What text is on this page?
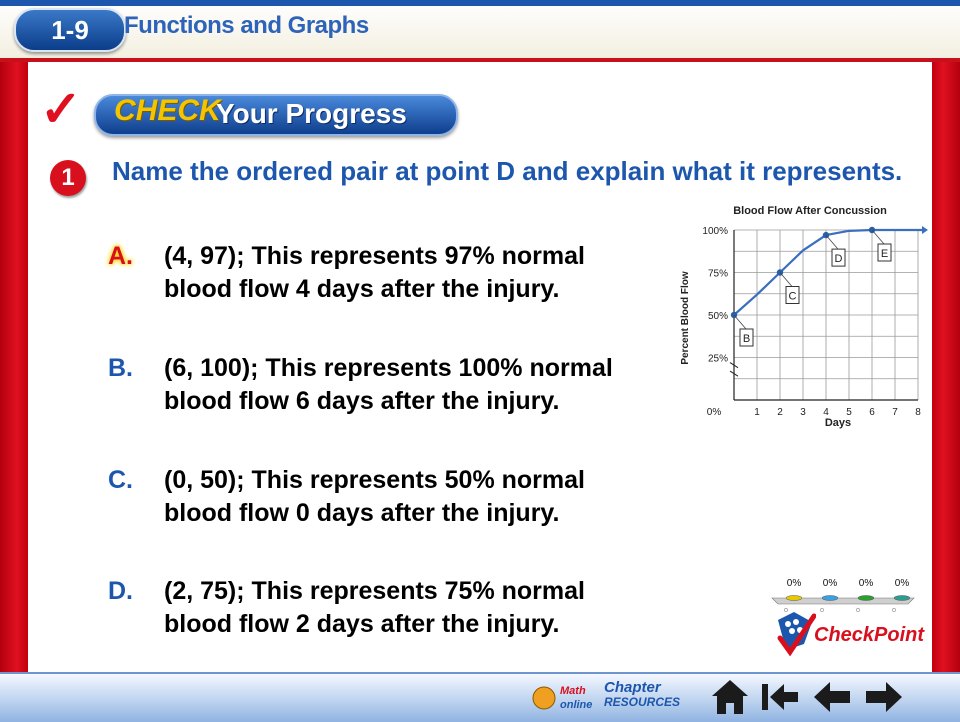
1-9	Functions and Graphs
✓ CHECK
Your Progress
1	Name the ordered pair at point D and explain what it represents.
A.	(4, 97); This represents 97% normal blood flow 4 days after the injury.
B.	(6, 100); This represents 100% normal blood flow 6 days after the injury.
C.	(0, 50); This represents 50% normal blood flow 0 days after the injury.
D.	(2, 75); This represents 75% normal blood flow 2 days after the injury.
Blood Flow After Concussion
25%
50%
75%
100%
0%	1 2 3 4 5 6 7 8
B
C
D	E
Percent Blood Flow
Days
0% 0% 0% 0%
CheckPoint
Math
online
Chapter
RESOURCES
